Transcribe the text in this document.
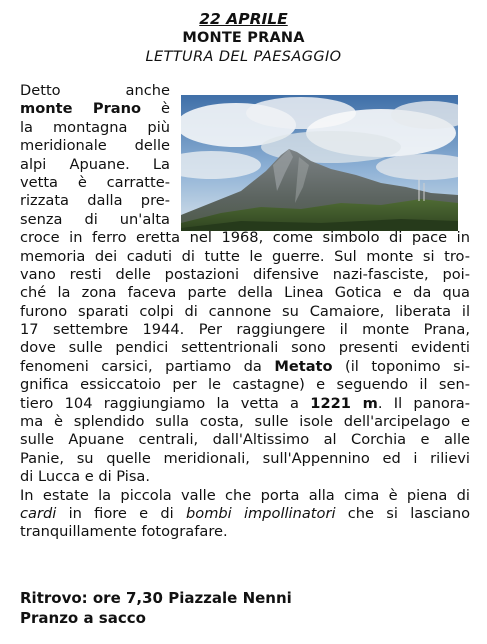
22 APRILE
MONTE PRANA
LETTURA DEL PAESAGGIO
Detto anche
monte Prano è
la montagna più
meridionale delle
alpi Apuane. La
vetta è carratte-
rizzata dalla pre-
senza di un'alta
croce in ferro eretta nel 1968, come simbolo di pace in
memoria dei caduti di tutte le guerre. Sul monte si tro-
vano resti delle postazioni difensive nazi-fasciste, poi-
ché la zona faceva parte della Linea Gotica e da qua
furono sparati colpi di cannone su Camaiore, liberata il
17 settembre 1944. Per raggiungere il monte Prana,
dove sulle pendici settentrionali sono presenti evidenti
fenomeni carsici, partiamo da Metato (il toponimo si-
gnifica essiccatoio per le castagne) e seguendo il sen-
tiero 104 raggiungiamo la vetta a 1221 m. Il panora-
ma è splendido sulla costa, sulle isole dell'arcipelago e
sulle Apuane centrali, dall'Altissimo al Corchia e alle
Panie, su quelle meridionali, sull'Appennino ed i rilievi
di Lucca e di Pisa.
In estate la piccola valle che porta alla cima è piena di
cardi in fiore e di bombi impollinatori che si lasciano
tranquillamente fotografare.
Ritrovo: ore 7,30 Piazzale Nenni
Pranzo a sacco
